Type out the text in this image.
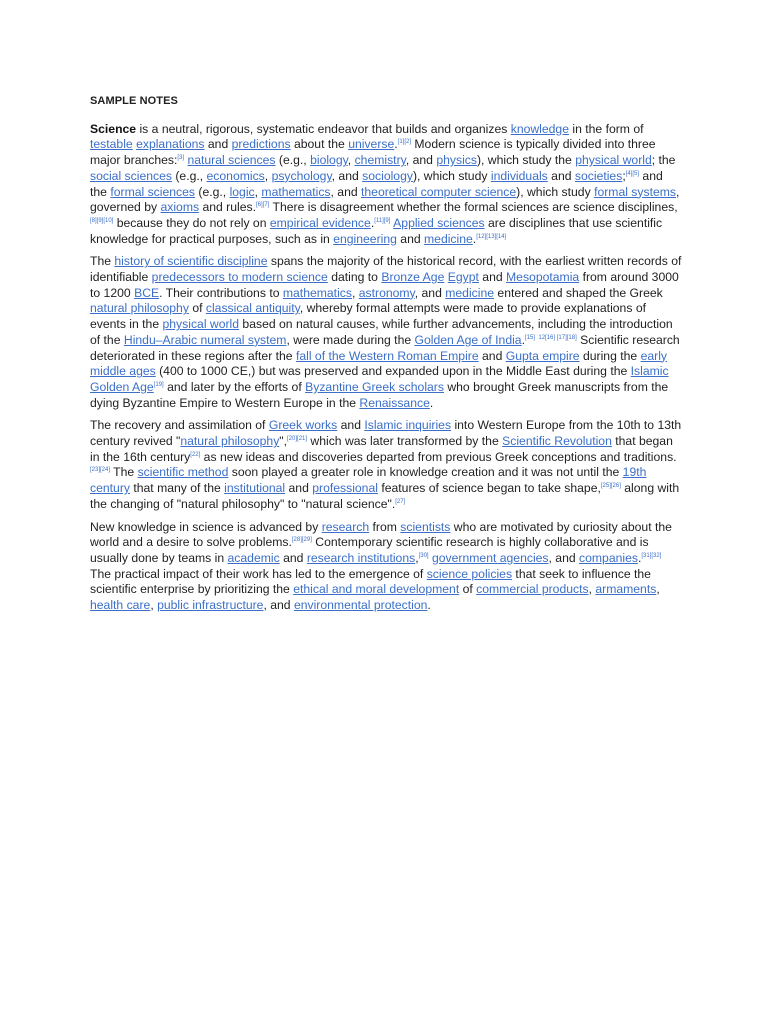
SAMPLE NOTES

Science is a neutral, rigorous, systematic endeavor that builds and organizes knowledge in the form of testable explanations and predictions about the universe.[1][2] Modern science is typically divided into three major branches:[3] natural sciences (e.g., biology, chemistry, and physics), which study the physical world; the social sciences (e.g., economics, psychology, and sociology), which study individuals and societies;[4][5] and the formal sciences (e.g., logic, mathematics, and theoretical computer science), which study formal systems, governed by axioms and rules.[6][7] There is disagreement whether the formal sciences are science disciplines,[8][9][10] because they do not rely on empirical evidence.[11][9] Applied sciences are disciplines that use scientific knowledge for practical purposes, such as in engineering and medicine.[12][13][14]

The history of scientific discipline spans the majority of the historical record, with the earliest written records of identifiable predecessors to modern science dating to Bronze Age Egypt and Mesopotamia from around 3000 to 1200 BCE. Their contributions to mathematics, astronomy, and medicine entered and shaped the Greek natural philosophy of classical antiquity, whereby formal attempts were made to provide explanations of events in the physical world based on natural causes, while further advancements, including the introduction of the Hindu–Arabic numeral system, were made during the Golden Age of India.[15] $^{12[16] [17][18]}$ Scientific research deteriorated in these regions after the fall of the Western Roman Empire and Gupta empire during the early middle ages (400 to 1000 CE,) but was preserved and expanded upon in the Middle East during the Islamic Golden Age[19] and later by the efforts of Byzantine Greek scholars who brought Greek manuscripts from the dying Byzantine Empire to Western Europe in the Renaissance.

The recovery and assimilation of Greek works and Islamic inquiries into Western Europe from the 10th to 13th century revived "natural philosophy",[20][21] which was later transformed by the Scientific Revolution that began in the 16th century[22] as new ideas and discoveries departed from previous Greek conceptions and traditions.[23][24] The scientific method soon played a greater role in knowledge creation and it was not until the 19th century that many of the institutional and professional features of science began to take shape,[25][26] along with the changing of "natural philosophy" to "natural science".[27]

New knowledge in science is advanced by research from scientists who are motivated by curiosity about the world and a desire to solve problems.[28][29] Contemporary scientific research is highly collaborative and is usually done by teams in academic and research institutions,[30] government agencies, and companies.[31][32] The practical impact of their work has led to the emergence of science policies that seek to influence the scientific enterprise by prioritizing the ethical and moral development of commercial products, armaments, health care, public infrastructure, and environmental protection.
